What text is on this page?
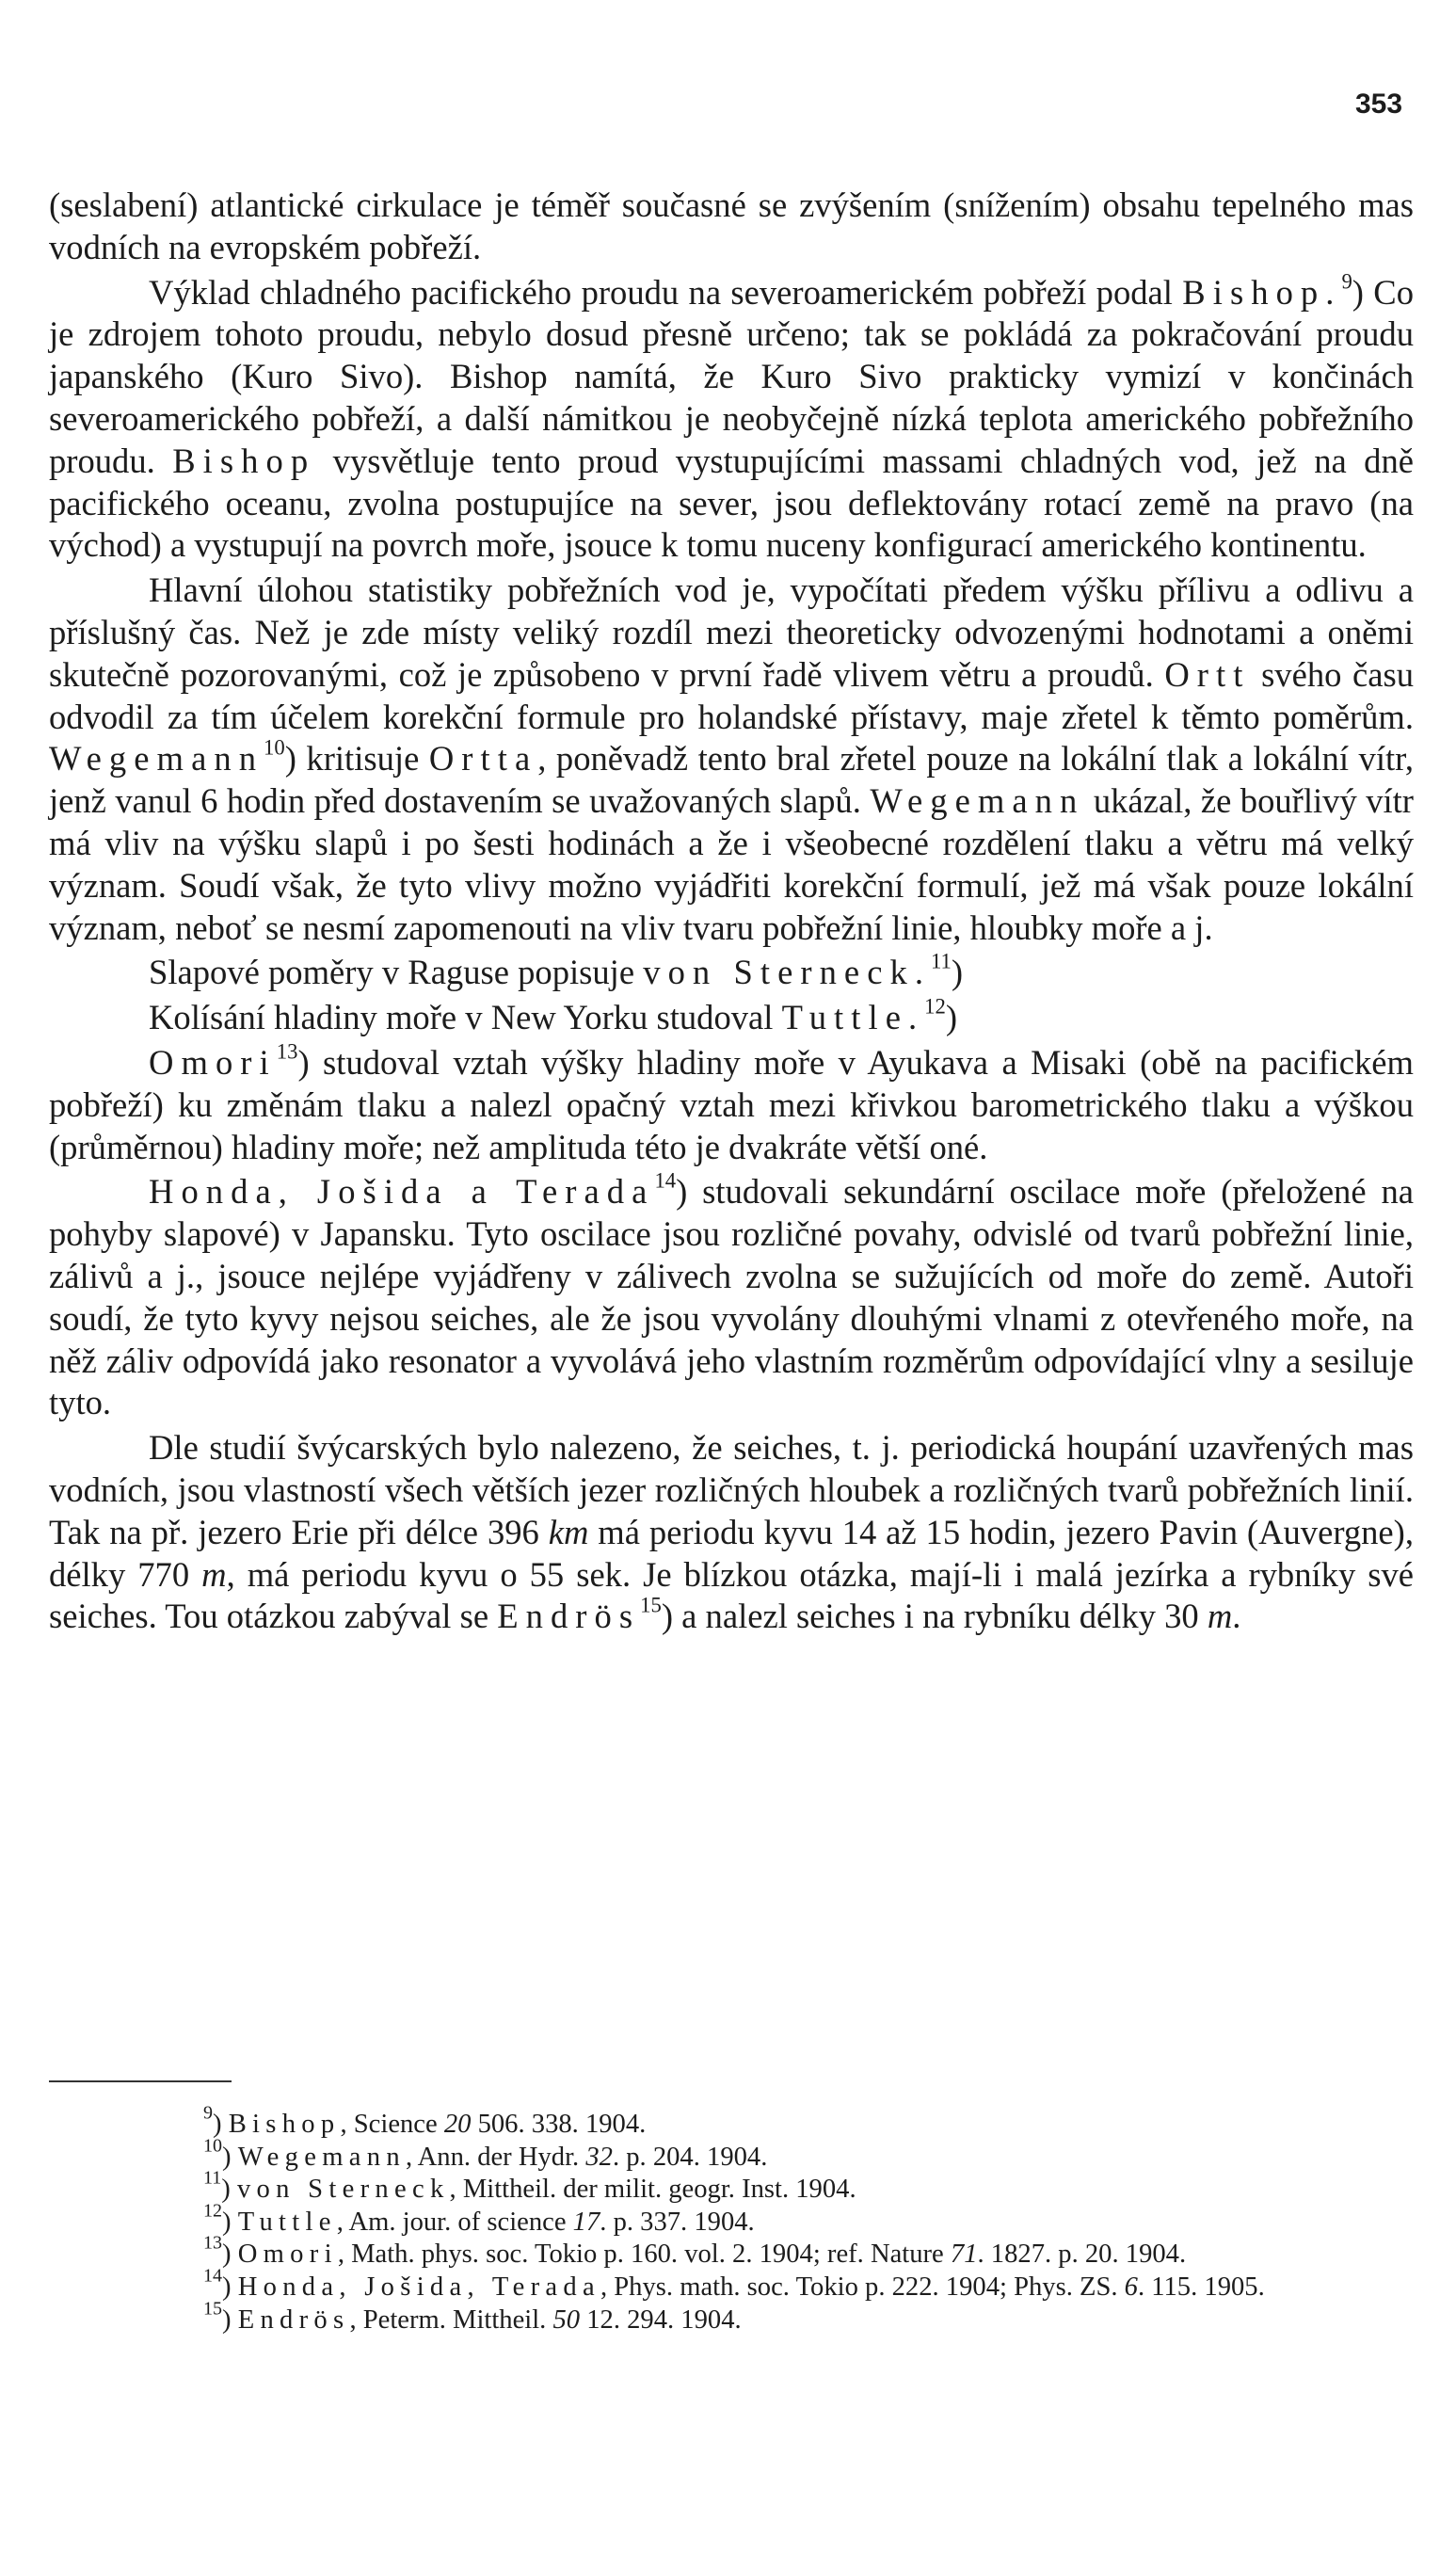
353

(seslabení) atlantické cirkulace je téměř současné se zvýšením (snížením) obsahu tepelného mas vodních na evropském pobřeží.

Výklad chladného pacifického proudu na severoamerickém pobřeží podal Bishop.$^9$) Co je zdrojem tohoto proudu, nebylo dosud přesně určeno; tak se pokládá za pokračování proudu japanského (Kuro Sivo). Bishop namítá, že Kuro Sivo prakticky vymizí v končinách severoamerického pobřeží, a další námitkou je neobyčejně nízká teplota amerického pobřežního proudu. Bishop vysvětluje tento proud vystupujícími massami chladných vod, jež na dně pacifického oceanu, zvolna postupujíce na sever, jsou deflektovány rotací země na pravo (na východ) a vystupují na povrch moře, jsouce k tomu nuceny konfigurací amerického kontinentu.

Hlavní úlohou statistiky pobřežních vod je, vypočítati předem výšku přílivu a odlivu a příslušný čas. Než je zde místy veliký rozdíl mezi theoreticky odvozenými hodnotami a oněmi skutečně pozorovanými, což je způsobeno v první řadě vlivem větru a proudů. Ortt svého času odvodil za tím účelem korekční formule pro holandské přístavy, maje zřetel k těmto poměrům. Wegemann$^{10}$) kritisuje Ortta, poněvadž tento bral zřetel pouze na lokální tlak a lokální vítr, jenž vanul 6 hodin před dostavením se uvažovaných slapů. Wegemann ukázal, že bouřlivý vítr má vliv na výšku slapů i po šesti hodinách a že i všeobecné rozdělení tlaku a větru má velký význam. Soudí však, že tyto vlivy možno vyjádřiti korekční formulí, jež má však pouze lokální význam, neboť se nesmí zapomenouti na vliv tvaru pobřežní linie, hloubky moře a j.

Slapové poměry v Raguse popisuje von Sterneck.$^{11}$)

Kolísání hladiny moře v New Yorku studoval Tuttle.$^{12}$)

Omori$^{13}$) studoval vztah výšky hladiny moře v Ayukava a Misaki (obě na pacifickém pobřeží) ku změnám tlaku a nalezl opačný vztah mezi křivkou barometrického tlaku a výškou (průměrnou) hladiny moře; než amplituda této je dvakráte větší oné.

Honda, Jošida a Terada$^{14}$) studovali sekundární oscilace moře (přeložené na pohyby slapové) v Japansku. Tyto oscilace jsou rozličné povahy, odvislé od tvarů pobřežní linie, zálivů a j., jsouce nejlépe vyjádřeny v zálivech zvolna se sužujících od moře do země. Autoři soudí, že tyto kyvy nejsou seiches, ale že jsou vyvolány dlouhými vlnami z otevřeného moře, na něž záliv odpovídá jako resonator a vyvolává jeho vlastním rozměrům odpovídající vlny a sesiluje tyto.

Dle studií švýcarských bylo nalezeno, že seiches, t. j. periodická houpání uzavřených mas vodních, jsou vlastností všech větších jezer rozličných hloubek a rozličných tvarů pobřežních linií. Tak na př. jezero Erie při délce 396 km má periodu kyvu 14 až 15 hodin, jezero Pavin (Auvergne), délky 770 m, má periodu kyvu o 55 sek. Je blízkou otázka, mají-li i malá jezírka a rybníky své seiches. Tou otázkou zabýval se Endrös$^{15}$) a nalezl seiches i na rybníku délky 30 m.

$^9$) Bishop, Science 20 506. 338. 1904.

$^{10}$) Wegemann, Ann. der Hydr. 32. p. 204. 1904.

$^{11}$) von Sterneck, Mittheil. der milit. geogr. Inst. 1904.

$^{12}$) Tuttle, Am. jour. of science 17. p. 337. 1904.

$^{13}$) Omori, Math. phys. soc. Tokio p. 160. vol. 2. 1904; ref. Nature 71. 1827. p. 20. 1904.

$^{14}$) Honda, Jošida, Terada, Phys. math. soc. Tokio p. 222. 1904; Phys. ZS. 6. 115. 1905.

$^{15}$) Endrös, Peterm. Mittheil. 50 12. 294. 1904.
